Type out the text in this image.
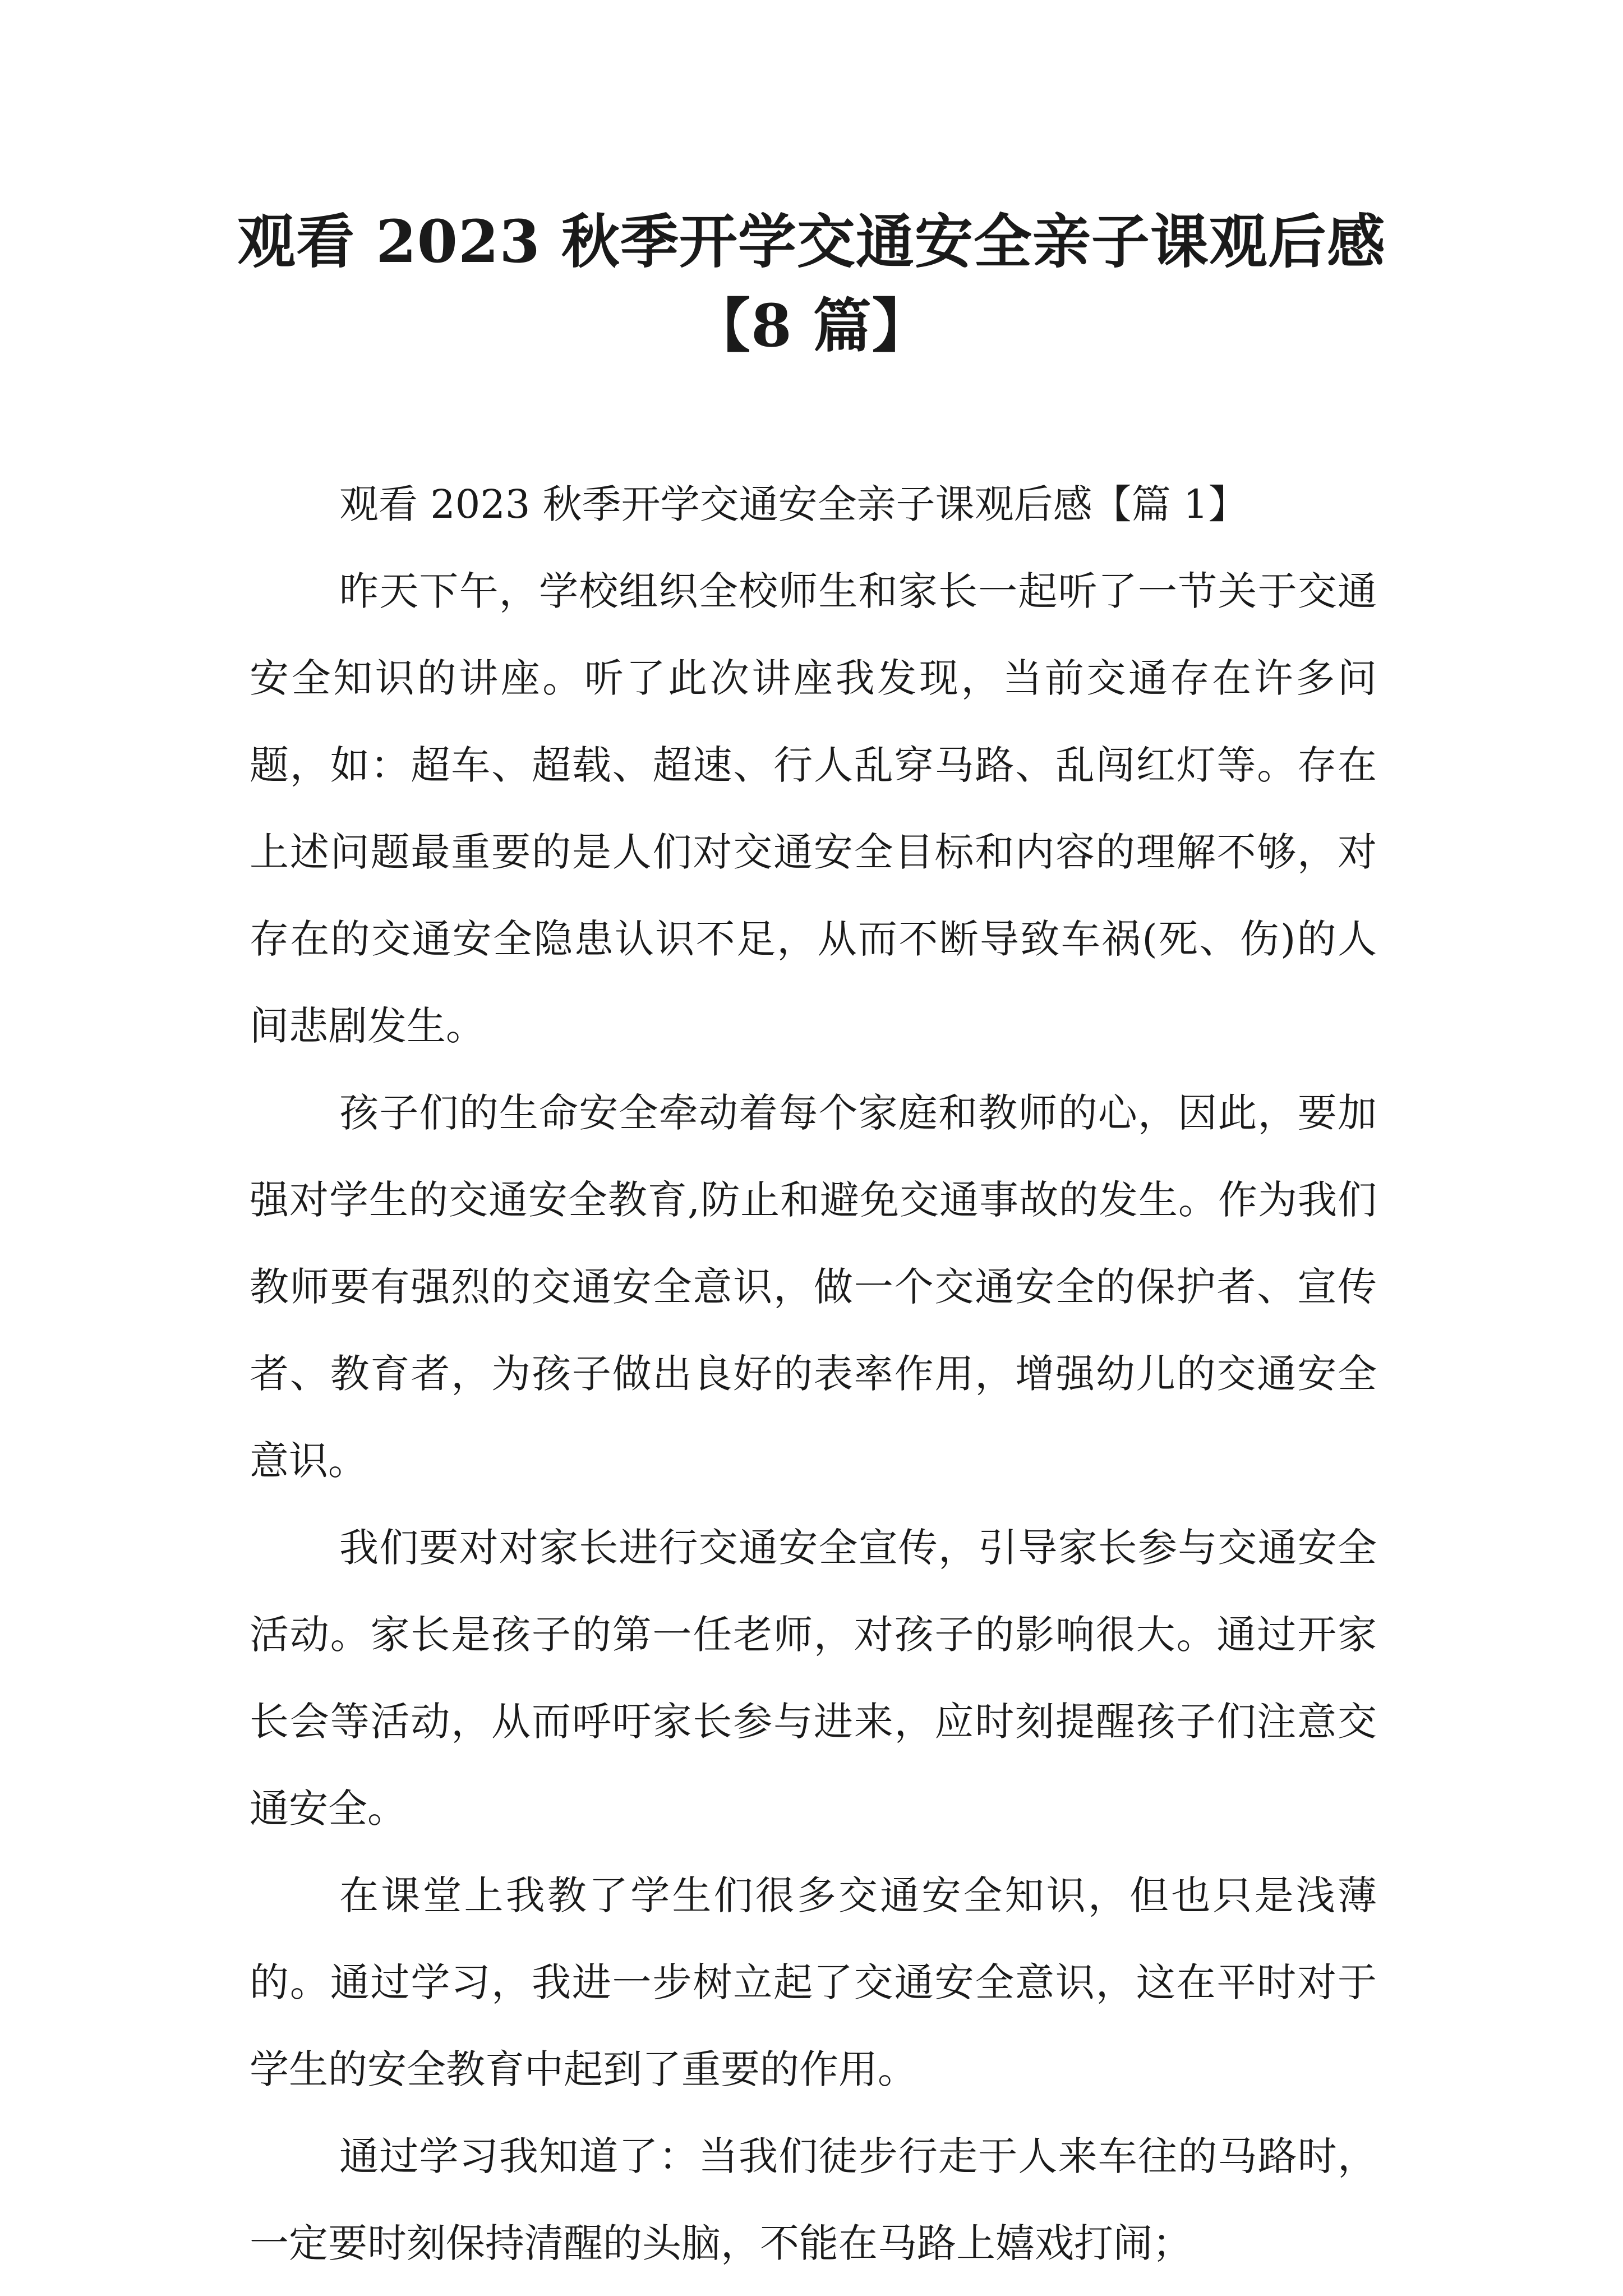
观看 2023 秋季开学交通安全亲子课观后感
【8 篇】

观看 2023 秋季开学交通安全亲子课观后感【篇 1】

昨天下午，学校组织全校师生和家长一起听了一节关于交通安全知识的讲座。听了此次讲座我发现，当前交通存在许多问题，如：超车、超载、超速、行人乱穿马路、乱闯红灯等。存在上述问题最重要的是人们对交通安全目标和内容的理解不够，对存在的交通安全隐患认识不足，从而不断导致车祸(死、伤)的人间悲剧发生。

孩子们的生命安全牵动着每个家庭和教师的心，因此，要加强对学生的交通安全教育,防止和避免交通事故的发生。作为我们教师要有强烈的交通安全意识，做一个交通安全的保护者、宣传者、教育者，为孩子做出良好的表率作用，增强幼儿的交通安全意识。

我们要对对家长进行交通安全宣传，引导家长参与交通安全活动。家长是孩子的第一任老师，对孩子的影响很大。通过开家长会等活动，从而呼吁家长参与进来，应时刻提醒孩子们注意交通安全。

在课堂上我教了学生们很多交通安全知识，但也只是浅薄的。通过学习，我进一步树立起了交通安全意识，这在平时对于学生的安全教育中起到了重要的作用。

通过学习我知道了：当我们徒步行走于人来车往的马路时，一定要时刻保持清醒的头脑，不能在马路上嬉戏打闹；
